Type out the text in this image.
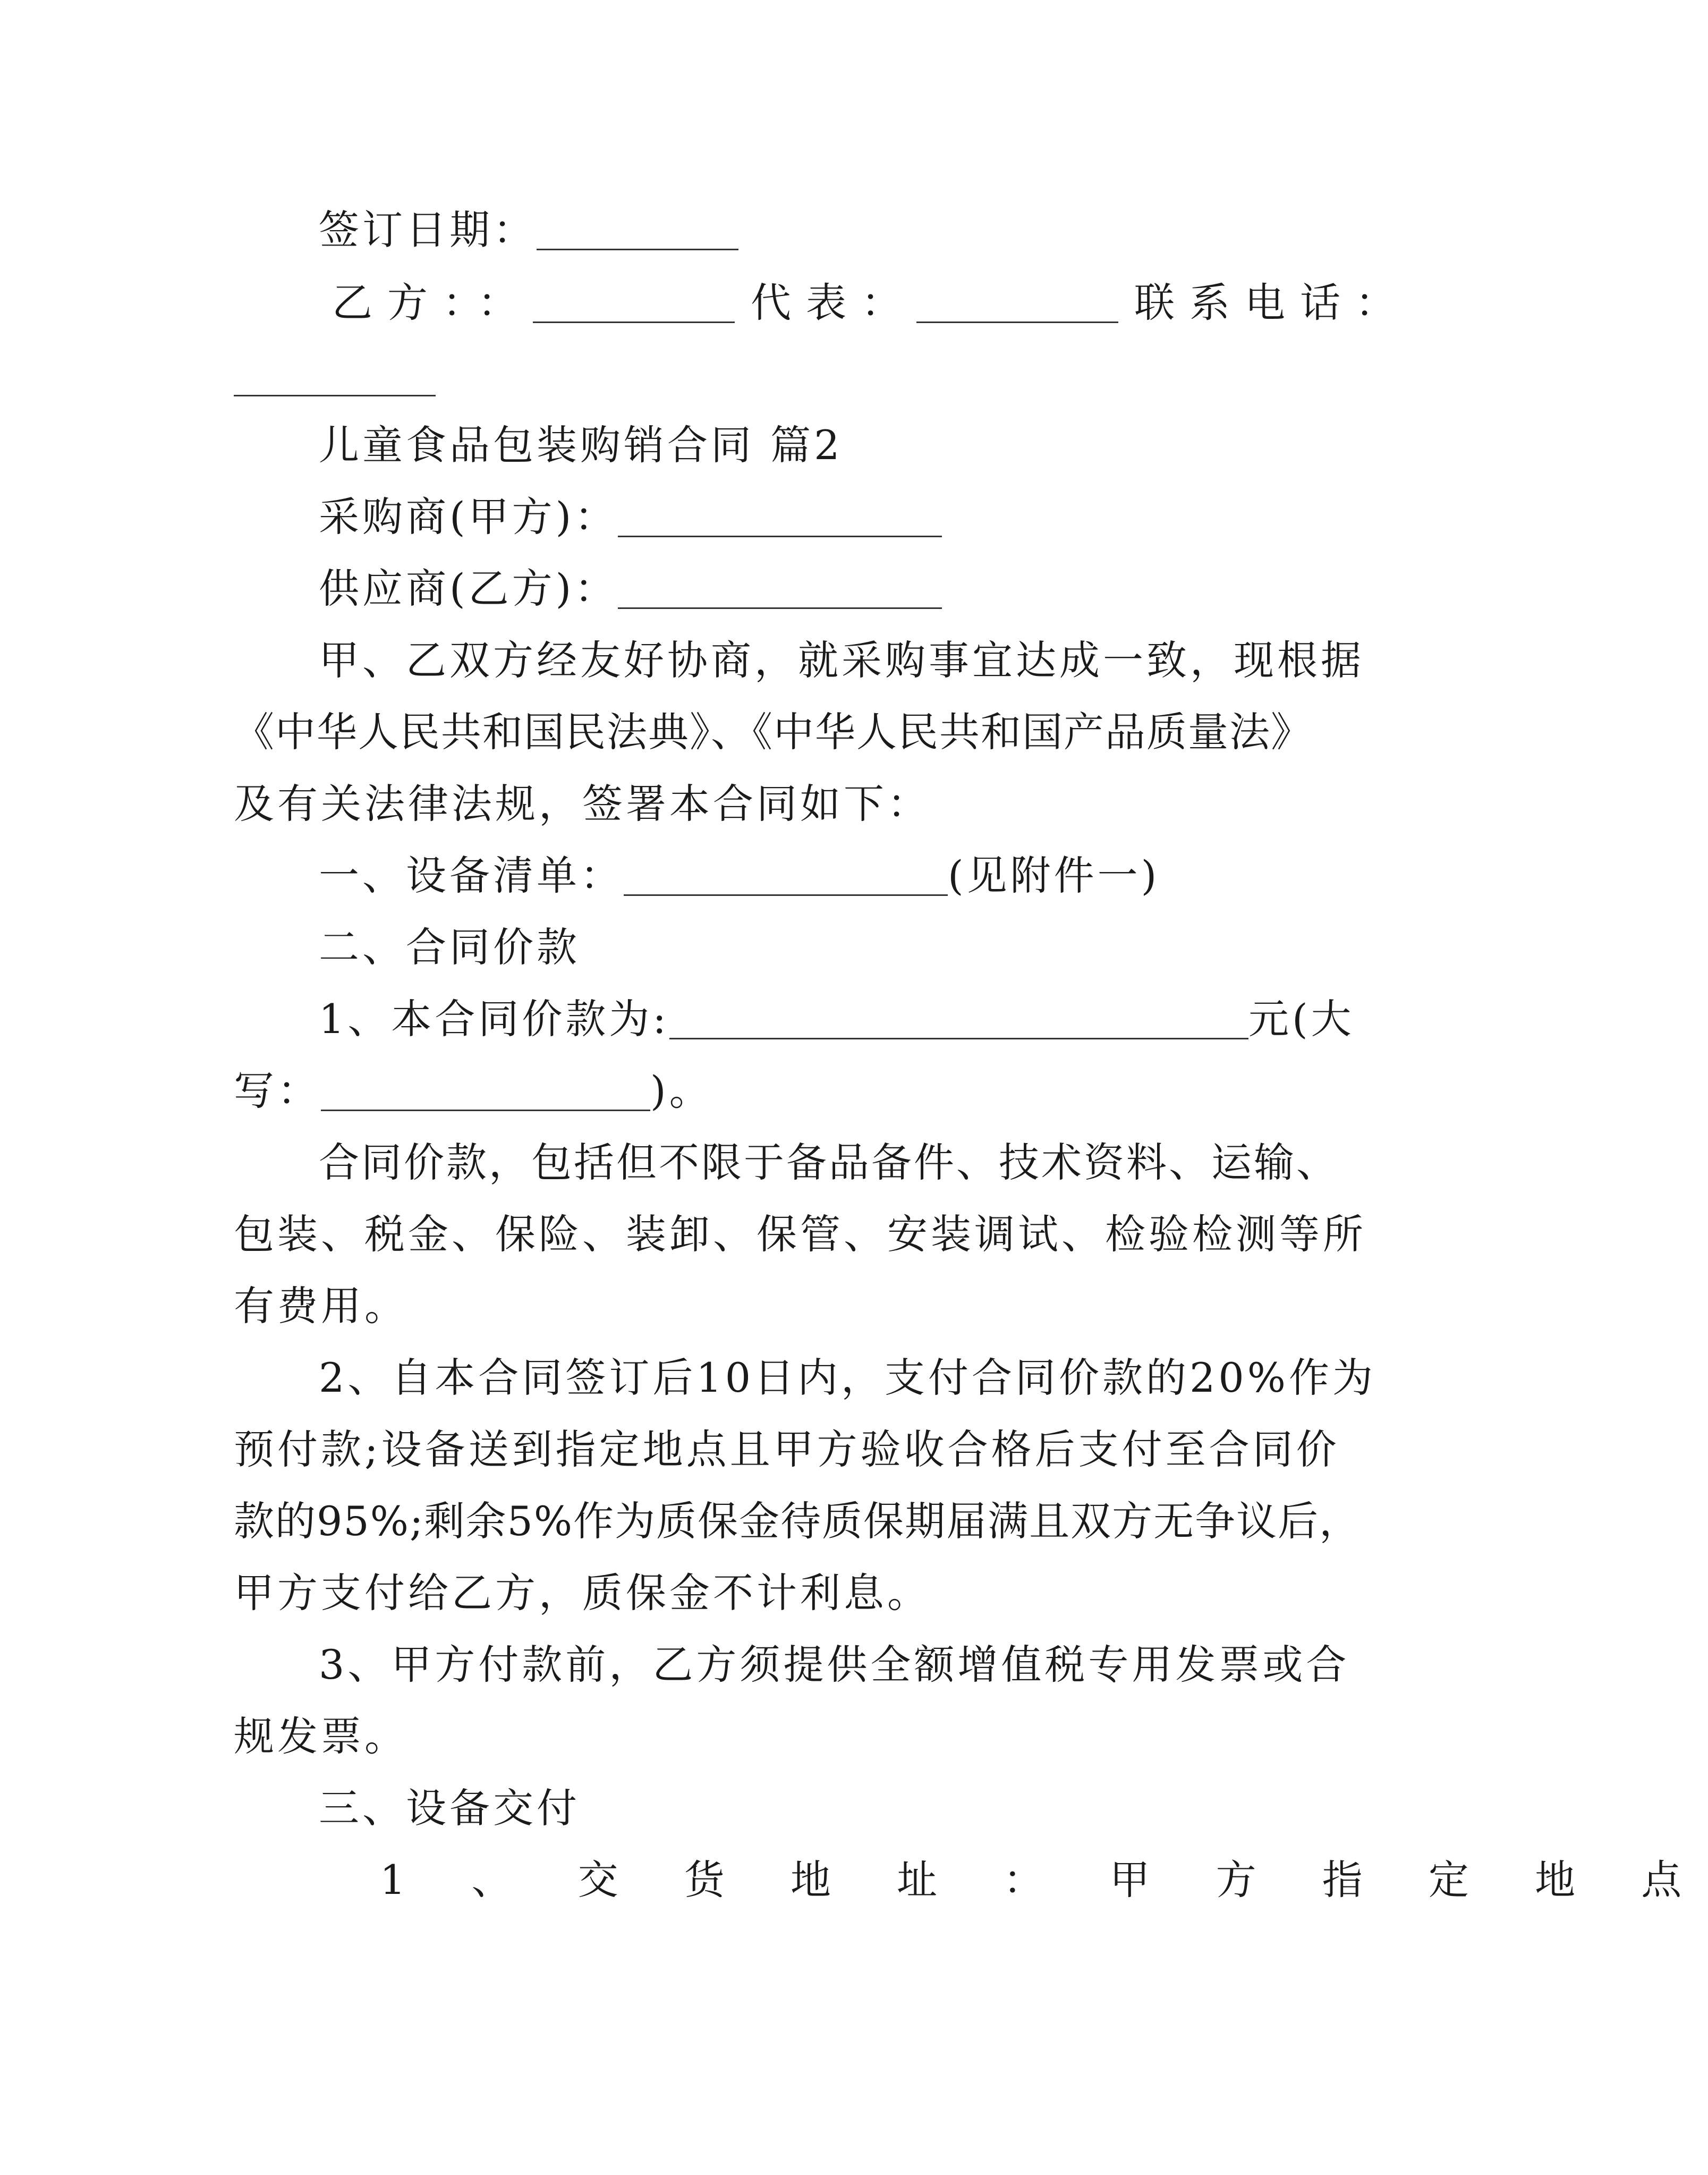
签订日期：
乙方：：	代表：	联系电话：
儿童食品包装购销合同 篇2
采购商(甲方)：
供应商(乙方)：
甲、乙双方经友好协商，就采购事宜达成一致，现根据
《中华人民共和国民法典》、《中华人民共和国产品质量法》
及有关法律法规，签署本合同如下：
一、设备清单：	(见附件一)
二、合同价款
1、本合同价款为:	元(大
写：	)。
合同价款，包括但不限于备品备件、技术资料、运输、
包装、税金、保险、装卸、保管、安装调试、检验检测等所
有费用。
2、自本合同签订后10日内，支付合同价款的20%作为
预付款;设备送到指定地点且甲方验收合格后支付至合同价
款的95%;剩余5%作为质保金待质保期届满且双方无争议后，
甲方支付给乙方，质保金不计利息。
3、甲方付款前，乙方须提供全额增值税专用发票或合
规发票。
三、设备交付
1 、 交 货 地 址 ： 甲 方 指 定 地 点
